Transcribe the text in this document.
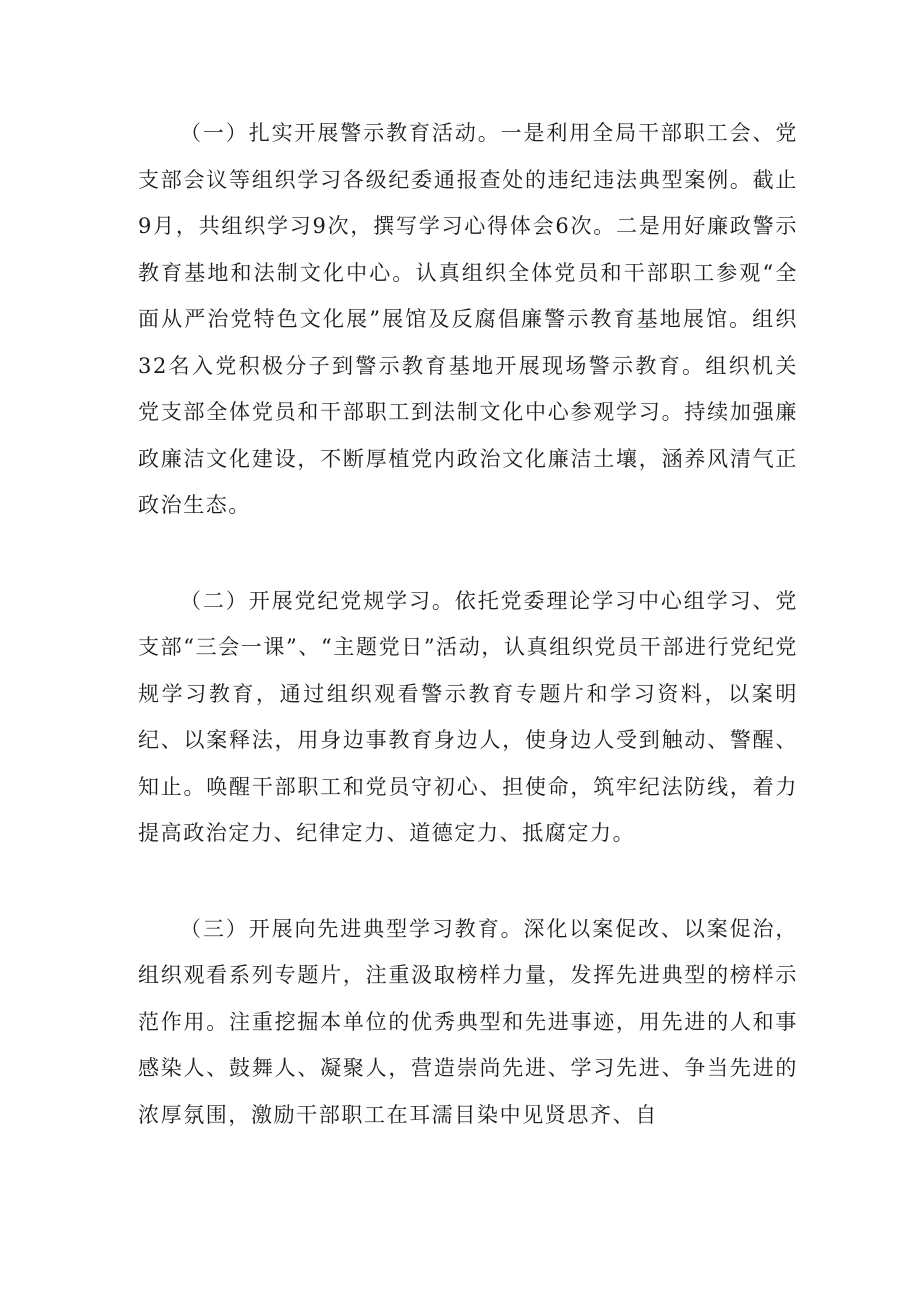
（一）扎实开展警示教育活动。一是利用全局干部职工会、党支部会议等组织学习各级纪委通报查处的违纪违法典型案例。截止9月，共组织学习9次，撰写学习心得体会6次。二是用好廉政警示教育基地和法制文化中心。认真组织全体党员和干部职工参观“全面从严治党特色文化展”展馆及反腐倡廉警示教育基地展馆。组织32名入党积极分子到警示教育基地开展现场警示教育。组织机关党支部全体党员和干部职工到法制文化中心参观学习。持续加强廉政廉洁文化建设，不断厚植党内政治文化廉洁土壤，涵养风清气正政治生态。

（二）开展党纪党规学习。依托党委理论学习中心组学习、党支部“三会一课”、“主题党日”活动，认真组织党员干部进行党纪党规学习教育，通过组织观看警示教育专题片和学习资料，以案明纪、以案释法，用身边事教育身边人，使身边人受到触动、警醒、知止。唤醒干部职工和党员守初心、担使命，筑牢纪法防线，着力提高政治定力、纪律定力、道德定力、抵腐定力。

（三）开展向先进典型学习教育。深化以案促改、以案促治，组织观看系列专题片，注重汲取榜样力量，发挥先进典型的榜样示范作用。注重挖掘本单位的优秀典型和先进事迹，用先进的人和事感染人、鼓舞人、凝聚人，营造崇尚先进、学习先进、争当先进的浓厚氛围，激励干部职工在耳濡目染中见贤思齐、自
